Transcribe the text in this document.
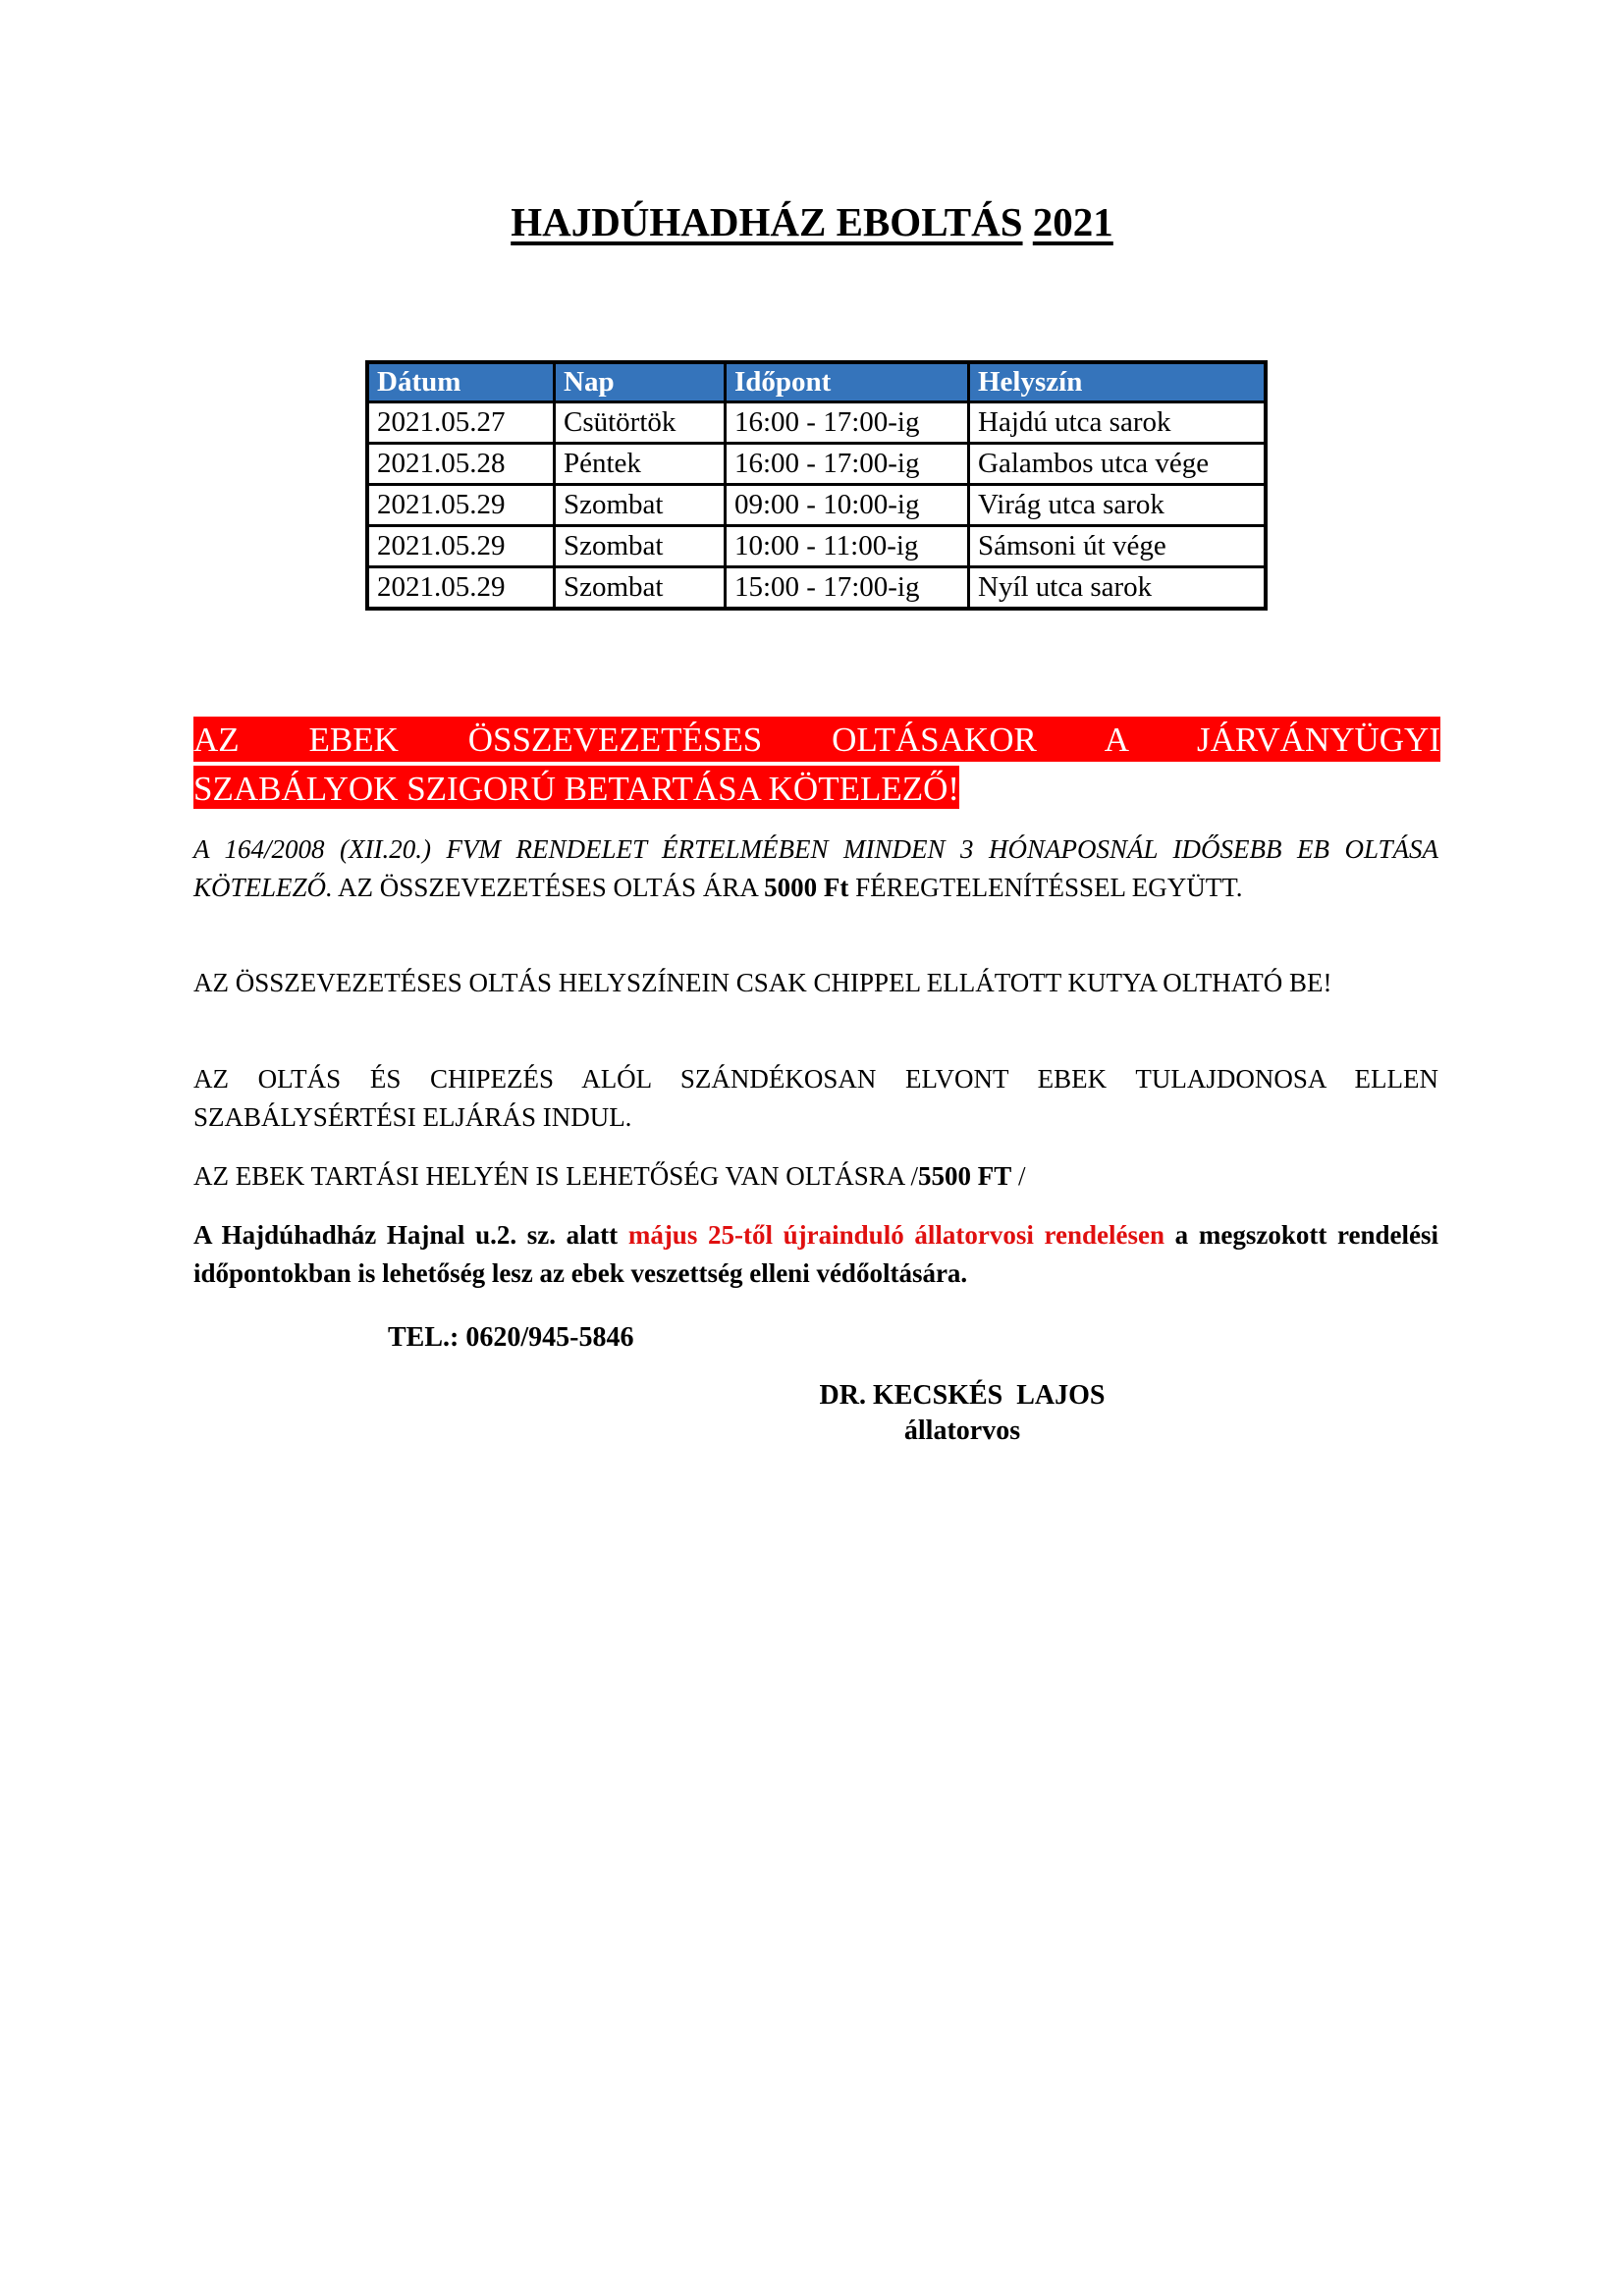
HAJDÚHADHÁZ EBOLTÁS 2021
Dátum	Nap	Időpont	Helyszín
2021.05.27	Csütörtök	16:00 - 17:00-ig	Hajdú utca sarok
2021.05.28	Péntek	16:00 - 17:00-ig	Galambos utca vége
2021.05.29	Szombat	09:00 - 10:00-ig	Virág utca sarok
2021.05.29	Szombat	10:00 - 11:00-ig	Sámsoni út vége
2021.05.29	Szombat	15:00 - 17:00-ig	Nyíl utca sarok
AZ EBEK ÖSSZEVEZETÉSES OLTÁSAKOR A JÁRVÁNYÜGYI
SZABÁLYOK SZIGORÚ BETARTÁSA KÖTELEZŐ!
A 164/2008 (XII.20.) FVM RENDELET ÉRTELMÉBEN MINDEN 3 HÓNAPOSNÁL IDŐSEBB EB OLTÁSA KÖTELEZŐ. AZ ÖSSZEVEZETÉSES OLTÁS ÁRA 5000 Ft FÉREGTELENÍTÉSSEL EGYÜTT.
AZ ÖSSZEVEZETÉSES OLTÁS HELYSZÍNEIN CSAK CHIPPEL ELLÁTOTT KUTYA OLTHATÓ BE!
AZ OLTÁS ÉS CHIPEZÉS ALÓL SZÁNDÉKOSAN ELVONT EBEK TULAJDONOSA ELLEN SZABÁLYSÉRTÉSI ELJÁRÁS INDUL.
AZ EBEK TARTÁSI HELYÉN IS LEHETŐSÉG VAN OLTÁSRA /5500 FT /
A Hajdúhadház Hajnal u.2. sz. alatt május 25-től újrainduló állatorvosi rendelésen a megszokott rendelési időpontokban is lehetőség lesz az ebek veszettség elleni védőoltására.
TEL.: 0620/945-5846
DR. KECSKÉS  LAJOS
állatorvos
